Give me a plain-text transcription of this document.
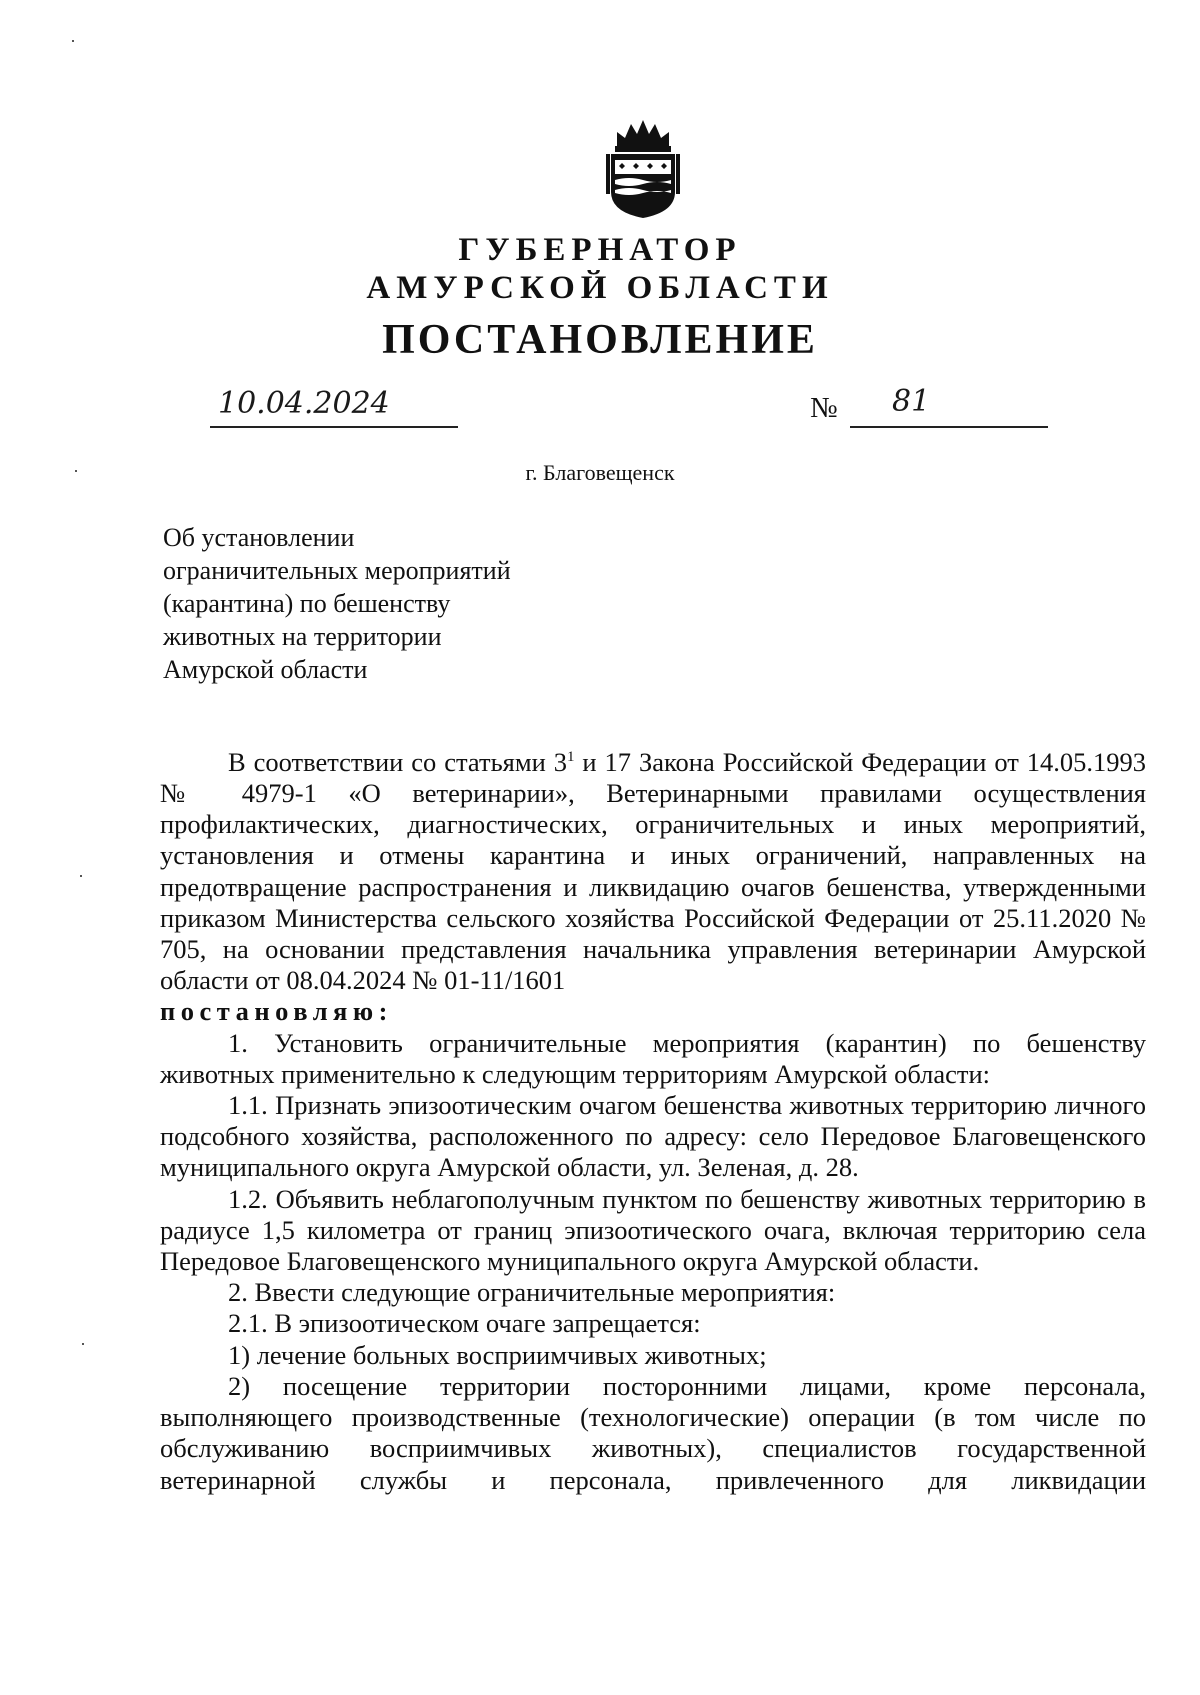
ГУБЕРНАТОР
АМУРСКОЙ ОБЛАСТИ
ПОСТАНОВЛЕНИЕ
10.04.2024	№ 81
г. Благовещенск
Об установлении
ограничительных мероприятий
(карантина) по бешенству
животных на территории
Амурской области

В соответствии со статьями $3^1$ и 17 Закона Российской Федерации от 14.05.1993 № 4979-1 «О ветеринарии», Ветеринарными правилами осуществления профилактических, диагностических, ограничительных и иных мероприятий, установления и отмены карантина и иных ограничений, направленных на предотвращение распространения и ликвидацию очагов бешенства, утвержденными приказом Министерства сельского хозяйства Российской Федерации от 25.11.2020 № 705, на основании представления начальника управления ветеринарии Амурской области от 08.04.2024 № 01-11/1601

постановляю:

1. Установить ограничительные мероприятия (карантин) по бешенству животных применительно к следующим территориям Амурской области:

1.1. Признать эпизоотическим очагом бешенства животных территорию личного подсобного хозяйства, расположенного по адресу: село Передовое Благовещенского муниципального округа Амурской области, ул. Зеленая, д. 28.

1.2. Объявить неблагополучным пунктом по бешенству животных территорию в радиусе 1,5 километра от границ эпизоотического очага, включая территорию села Передовое Благовещенского муниципального округа Амурской области.

2. Ввести следующие ограничительные мероприятия:

2.1. В эпизоотическом очаге запрещается:

1) лечение больных восприимчивых животных;

2) посещение территории посторонними лицами, кроме персонала, выполняющего производственные (технологические) операции (в том числе по обслуживанию восприимчивых животных), специалистов государственной ветеринарной службы и персонала, привлеченного для ликвидации
